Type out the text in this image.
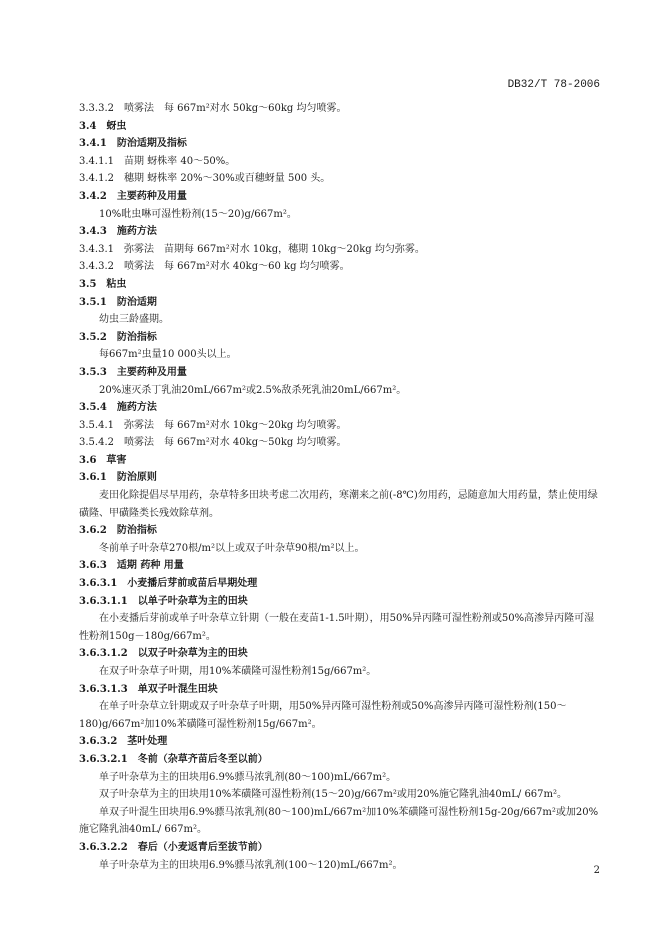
DB32/T 78-2006
3.3.3.2　喷雾法　每 667m²对水 50kg～60kg 均匀喷雾。
3.4　蚜虫
3.4.1　防治适期及指标
3.4.1.1　苗期 蚜株率 40～50%。
3.4.1.2　穗期 蚜株率 20%～30%或百穗蚜量 500 头。
3.4.2　主要药种及用量
10%吡虫啉可湿性粉剂(15～20)g/667m²。
3.4.3　施药方法
3.4.3.1　弥雾法　苗期每 667m²对水 10kg，穗期 10kg～20kg 均匀弥雾。
3.4.3.2　喷雾法　每 667m²对水 40kg～60 kg 均匀喷雾。
3.5　粘虫
3.5.1　防治适期
幼虫三龄盛期。
3.5.2　防治指标
每667m²虫量10 000头以上。
3.5.3　主要药种及用量
20%速灭杀丁乳油20mL/667m²或2.5%敌杀死乳油20mL/667m²。
3.5.4　施药方法
3.5.4.1　弥雾法　每 667m²对水 10kg～20kg 均匀喷雾。
3.5.4.2　喷雾法　每 667m²对水 40kg～50kg 均匀喷雾。
3.6　草害
3.6.1　防治原则
麦田化除提倡尽早用药，杂草特多田块考虑二次用药，寒潮来之前(-8℃)勿用药，忌随意加大用药量，禁止使用绿磺隆、甲磺隆类长残效除草剂。
3.6.2　防治指标
冬前单子叶杂草270根/m²以上或双子叶杂草90根/m²以上。
3.6.3　适期 药种 用量
3.6.3.1　小麦播后芽前或苗后早期处理
3.6.3.1.1　以单子叶杂草为主的田块
在小麦播后芽前或单子叶杂草立针期（一般在麦苗1-1.5叶期），用50%异丙隆可湿性粉剂或50%高渗异丙隆可湿性粉剂150g－180g/667m²。
3.6.3.1.2　以双子叶杂草为主的田块
在双子叶杂草子叶期，用10%苯磺隆可湿性粉剂15g/667m²。
3.6.3.1.3　单双子叶混生田块
在单子叶杂草立针期或双子叶杂草子叶期，用50%异丙隆可湿性粉剂或50%高渗异丙隆可湿性粉剂(150～180)g/667m²加10%苯磺隆可湿性粉剂15g/667m²。
3.6.3.2　茎叶处理
3.6.3.2.1　冬前（杂草齐苗后冬至以前）
单子叶杂草为主的田块用6.9%骠马浓乳剂(80～100)mL/667m²。
双子叶杂草为主的田块用10%苯磺隆可湿性粉剂(15～20)g/667m²或用20%施它隆乳油40mL/ 667m²。
单双子叶混生田块用6.9%骠马浓乳剂(80～100)mL/667m²加10%苯磺隆可湿性粉剂15g-20g/667m²或加20%施它隆乳油40mL/ 667m²。
3.6.3.2.2　春后（小麦返青后至拔节前）
单子叶杂草为主的田块用6.9%骠马浓乳剂(100～120)mL/667m²。	2
